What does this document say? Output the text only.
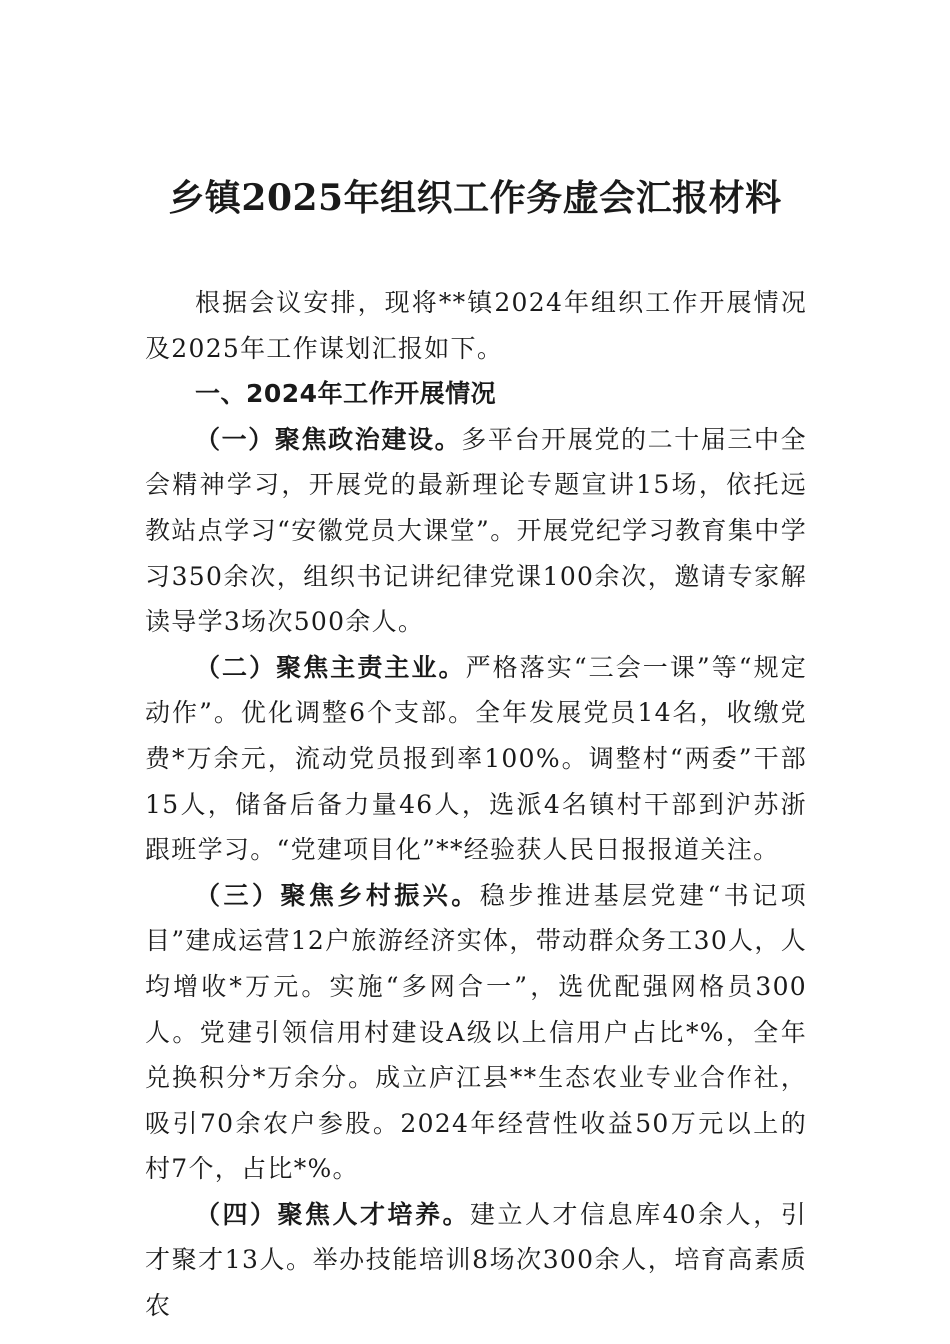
乡镇2025年组织工作务虚会汇报材料

根据会议安排，现将**镇2024年组织工作开展情况及2025年工作谋划汇报如下。

一、2024年工作开展情况

（一）聚焦政治建设。多平台开展党的二十届三中全会精神学习，开展党的最新理论专题宣讲15场，依托远教站点学习“安徽党员大课堂”。开展党纪学习教育集中学习350余次，组织书记讲纪律党课100余次，邀请专家解读导学3场次500余人。

（二）聚焦主责主业。严格落实“三会一课”等“规定动作”。优化调整6个支部。全年发展党员14名，收缴党费*万余元，流动党员报到率100%。调整村“两委”干部15人，储备后备力量46人，选派4名镇村干部到沪苏浙跟班学习。“党建项目化”**经验获人民日报报道关注。

（三）聚焦乡村振兴。稳步推进基层党建“书记项目”建成运营12户旅游经济实体，带动群众务工30人，人均增收*万元。实施“多网合一”，选优配强网格员300人。党建引领信用村建设A级以上信用户占比*%，全年兑换积分*万余分。成立庐江县**生态农业专业合作社，吸引70余农户参股。2024年经营性收益50万元以上的村7个，占比*%。

（四）聚焦人才培养。建立人才信息库40余人，引才聚才13人。举办技能培训8场次300余人，培育高素质农
